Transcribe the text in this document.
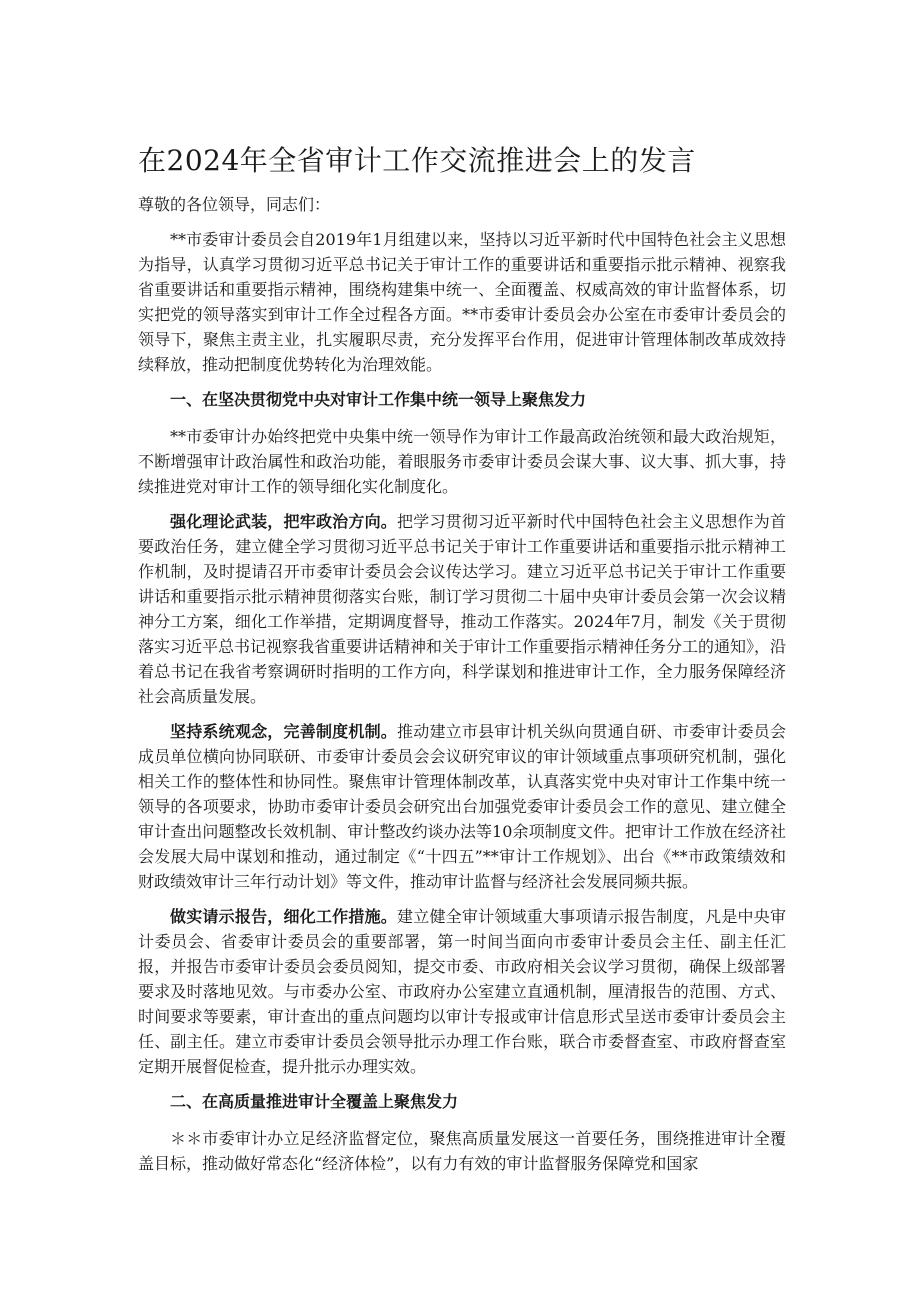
在2024年全省审计工作交流推进会上的发言

尊敬的各位领导，同志们：

**市委审计委员会自2019年1月组建以来，坚持以习近平新时代中国特色社会主义思想为指导，认真学习贯彻习近平总书记关于审计工作的重要讲话和重要指示批示精神、视察我省重要讲话和重要指示精神，围绕构建集中统一、全面覆盖、权威高效的审计监督体系，切实把党的领导落实到审计工作全过程各方面。**市委审计委员会办公室在市委审计委员会的领导下，聚焦主责主业，扎实履职尽责，充分发挥平台作用，促进审计管理体制改革成效持续释放，推动把制度优势转化为治理效能。

一、在坚决贯彻党中央对审计工作集中统一领导上聚焦发力

**市委审计办始终把党中央集中统一领导作为审计工作最高政治统领和最大政治规矩，不断增强审计政治属性和政治功能，着眼服务市委审计委员会谋大事、议大事、抓大事，持续推进党对审计工作的领导细化实化制度化。

强化理论武装，把牢政治方向。把学习贯彻习近平新时代中国特色社会主义思想作为首要政治任务，建立健全学习贯彻习近平总书记关于审计工作重要讲话和重要指示批示精神工作机制，及时提请召开市委审计委员会会议传达学习。建立习近平总书记关于审计工作重要讲话和重要指示批示精神贯彻落实台账，制订学习贯彻二十届中央审计委员会第一次会议精神分工方案，细化工作举措，定期调度督导，推动工作落实。2024年7月，制发《关于贯彻落实习近平总书记视察我省重要讲话精神和关于审计工作重要指示精神任务分工的通知》，沿着总书记在我省考察调研时指明的工作方向，科学谋划和推进审计工作，全力服务保障经济社会高质量发展。

坚持系统观念，完善制度机制。推动建立市县审计机关纵向贯通自研、市委审计委员会成员单位横向协同联研、市委审计委员会会议研究审议的审计领域重点事项研究机制，强化相关工作的整体性和协同性。聚焦审计管理体制改革，认真落实党中央对审计工作集中统一领导的各项要求，协助市委审计委员会研究出台加强党委审计委员会工作的意见、建立健全审计查出问题整改长效机制、审计整改约谈办法等10余项制度文件。把审计工作放在经济社会发展大局中谋划和推动，通过制定《“十四五”**审计工作规划》、出台《**市政策绩效和财政绩效审计三年行动计划》等文件，推动审计监督与经济社会发展同频共振。

做实请示报告，细化工作措施。建立健全审计领域重大事项请示报告制度，凡是中央审计委员会、省委审计委员会的重要部署，第一时间当面向市委审计委员会主任、副主任汇报，并报告市委审计委员会委员阅知，提交市委、市政府相关会议学习贯彻，确保上级部署要求及时落地见效。与市委办公室、市政府办公室建立直通机制，厘清报告的范围、方式、时间要求等要素，审计查出的重点问题均以审计专报或审计信息形式呈送市委审计委员会主任、副主任。建立市委审计委员会领导批示办理工作台账，联合市委督查室、市政府督查室定期开展督促检查，提升批示办理实效。

二、在高质量推进审计全覆盖上聚焦发力

＊＊市委审计办立足经济监督定位，聚焦高质量发展这一首要任务，围绕推进审计全覆盖目标，推动做好常态化“经济体检”，以有力有效的审计监督服务保障党和国家
